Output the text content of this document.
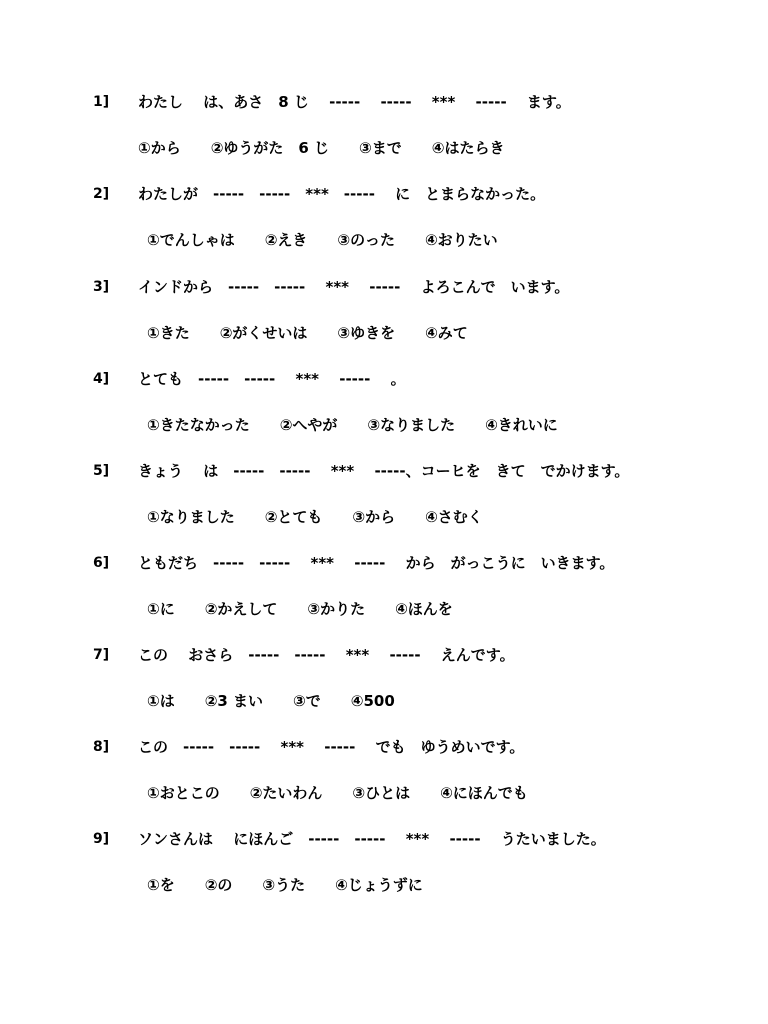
1] わたし　 は、あさ　8 じ　 -----　 -----　 ***　 -----　 ます。
①から　　②ゆうがた　6 じ　　③まで　　④はたらき
2] わたしが　-----　-----　***　-----　 に　とまらなかった。
①でんしゃは　　②えき　　③のった　　④おりたい
3] インドから　-----　-----　 ***　 -----　 よろこんで　います。
①きた　　②がくせいは　　③ゆきを　　④みて
4] とても　-----　-----　 ***　 -----　 。
①きたなかった　　②へやが　　③なりました　　④きれいに
5] きょう　 は　-----　-----　 ***　 -----、コーヒを　きて　でかけます。
①なりました　　②とても　　③から　　④さむく
6] ともだち　-----　-----　 ***　 -----　 から　がっこうに　いきます。
①に　　②かえして　　③かりた　　④ほんを
7] この　 おさら　-----　-----　 ***　 -----　 えんです。
①は　　②3 まい　　③で　　④500
8] この　-----　-----　 ***　 -----　 でも　ゆうめいです。
①おとこの　　②たいわん　　③ひとは　　④にほんでも
9] ソンさんは　 にほんご　-----　-----　 ***　 -----　 うたいました。
①を　　②の　　③うた　　④じょうずに
